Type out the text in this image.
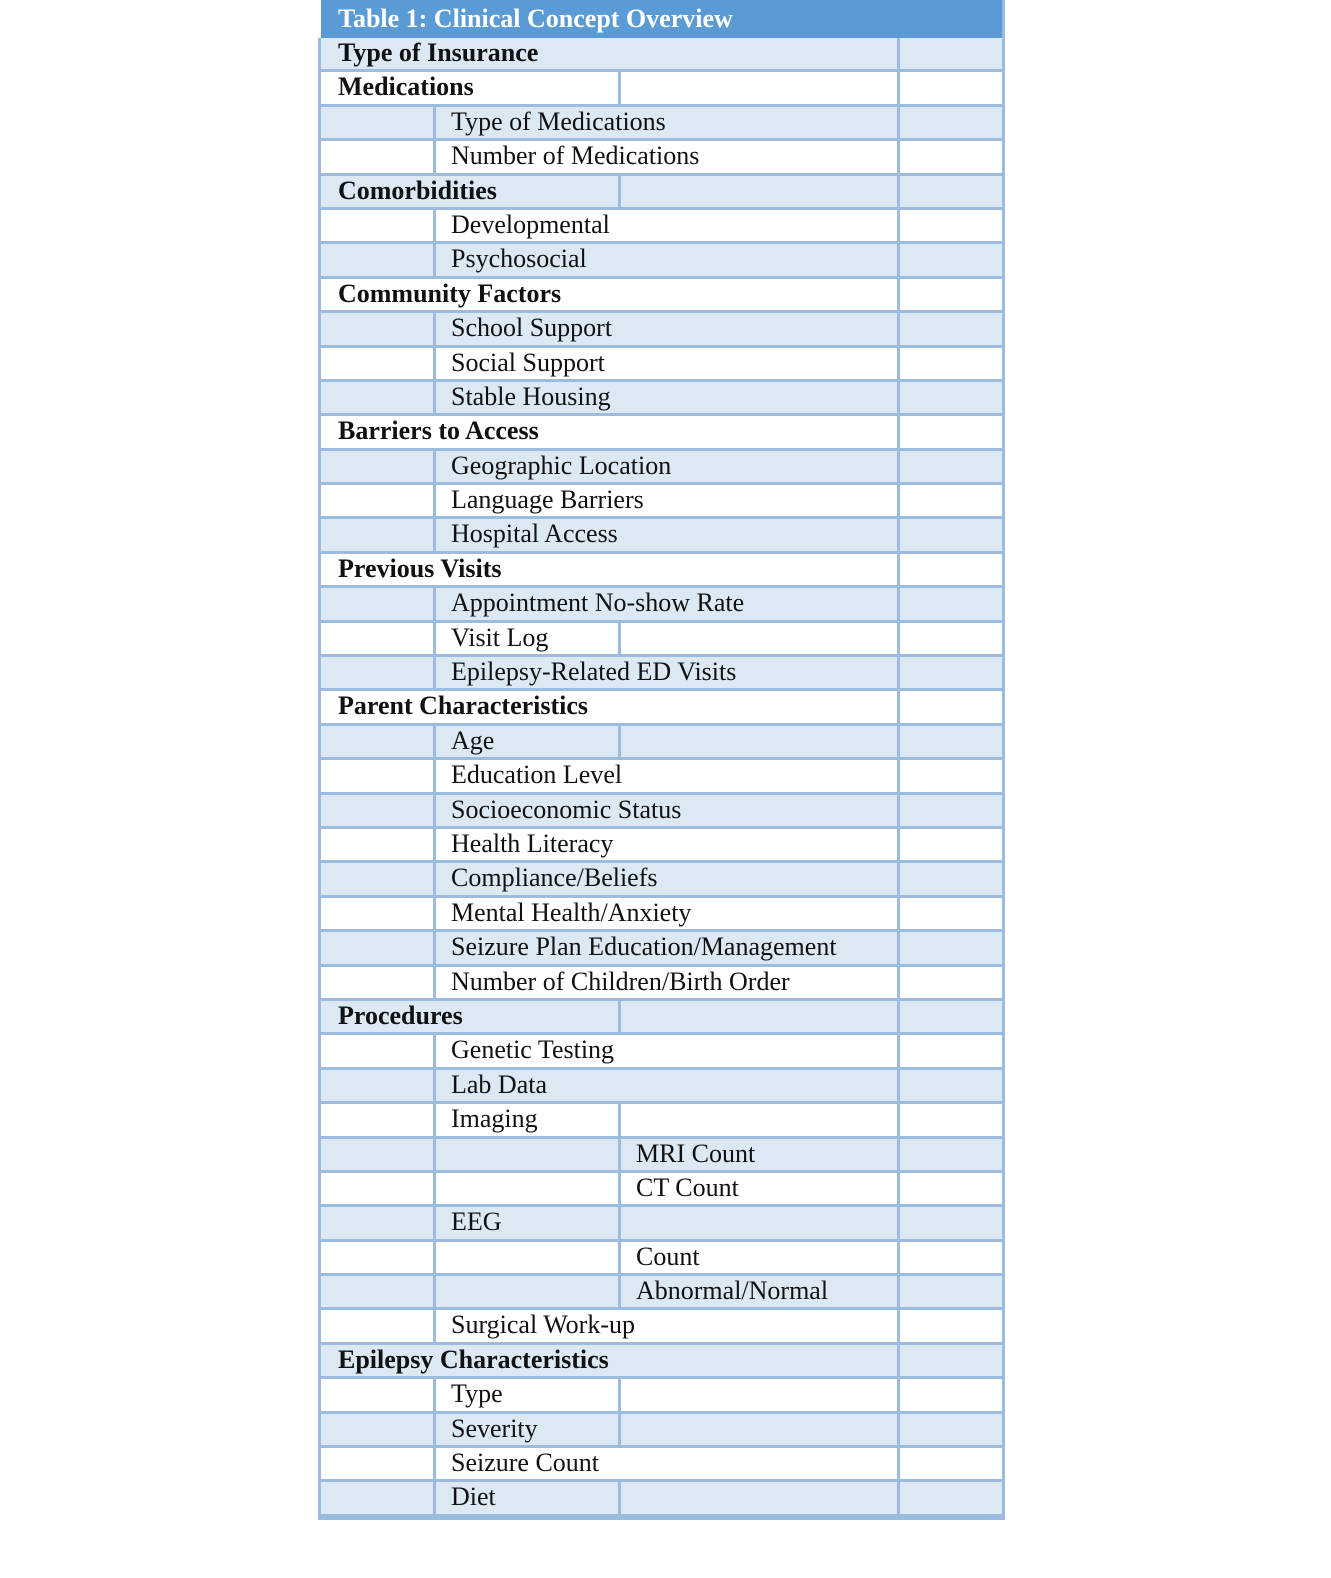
Table 1: Clinical Concept Overview
Type of Insurance
Medications
Type of Medications
Number of Medications
Comorbidities
Developmental
Psychosocial
Community Factors
School Support
Social Support
Stable Housing
Barriers to Access
Geographic Location
Language Barriers
Hospital Access
Previous Visits
Appointment No-show Rate
Visit Log
Epilepsy-Related ED Visits
Parent Characteristics
Age
Education Level
Socioeconomic Status
Health Literacy
Compliance/Beliefs
Mental Health/Anxiety
Seizure Plan Education/Management
Number of Children/Birth Order
Procedures
Genetic Testing
Lab Data
Imaging
MRI Count
CT Count
EEG
Count
Abnormal/Normal
Surgical Work-up
Epilepsy Characteristics
Type
Severity
Seizure Count
Diet
